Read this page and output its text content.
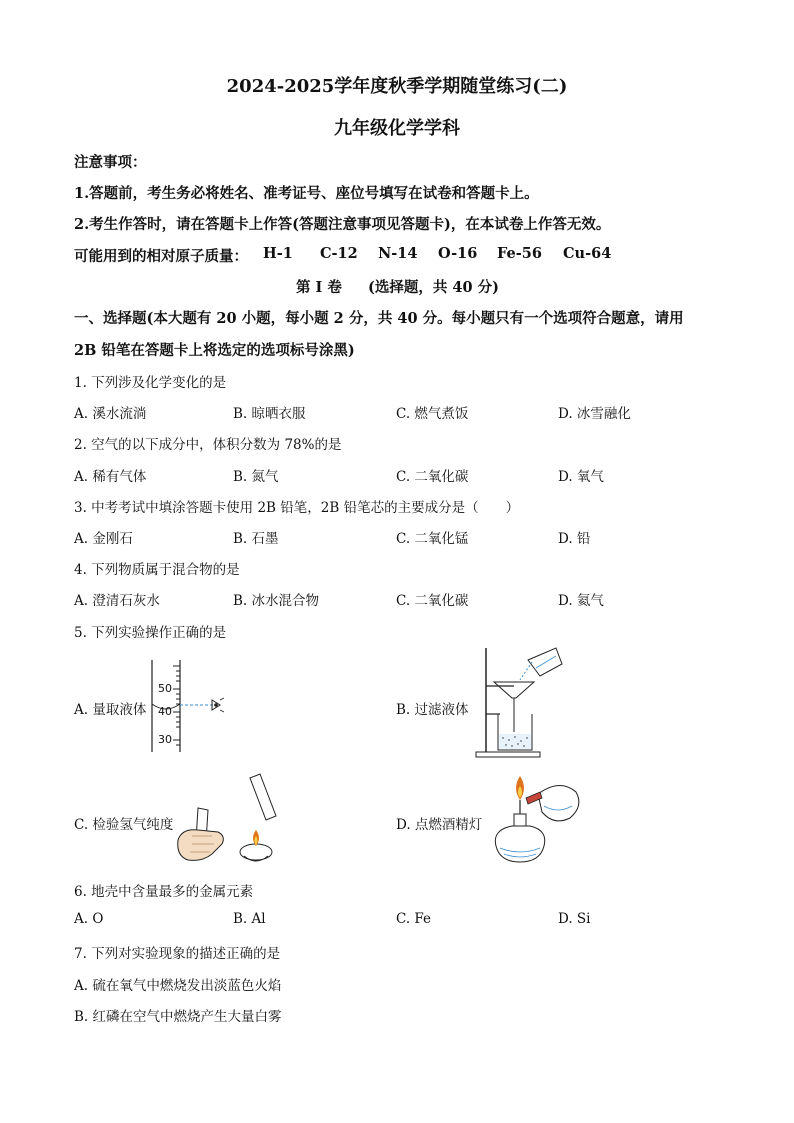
2024-2025学年度秋季学期随堂练习(二)
九年级化学学科
注意事项：
1.答题前，考生务必将姓名、准考证号、座位号填写在试卷和答题卡上。
2.考生作答时，请在答题卡上作答(答题注意事项见答题卡)，在本试卷上作答无效。
可能用到的相对原子质量： H-1 C-12 N-14 O-16 Fe-56 Cu-64
第 I 卷 (选择题，共 40 分)
一、选择题(本大题有 20 小题，每小题 2 分，共 40 分。每小题只有一个选项符合题意，请用
2B 铅笔在答题卡上将选定的选项标号涂黑)
1. 下列涉及化学变化的是
A. 溪水流淌	B. 晾晒衣服	C. 燃气煮饭	D. 冰雪融化
2. 空气的以下成分中，体积分数为 78%的是
A. 稀有气体	B. 氮气	C. 二氧化碳	D. 氧气
3. 中考考试中填涂答题卡使用 2B 铅笔，2B 铅笔芯的主要成分是（　　）
A. 金刚石	B. 石墨	C. 二氧化锰	D. 铅
4. 下列物质属于混合物的是
A. 澄清石灰水	B. 冰水混合物	C. 二氧化碳	D. 氦气
5. 下列实验操作正确的是
A. 量取液体
50
40
30
B. 过滤液体
C. 检验氢气纯度	D. 点燃酒精灯
6. 地壳中含量最多的金属元素
A. O	B. Al	C. Fe	D. Si
7. 下列对实验现象的描述正确的是
A. 硫在氧气中燃烧发出淡蓝色火焰
B. 红磷在空气中燃烧产生大量白雾
